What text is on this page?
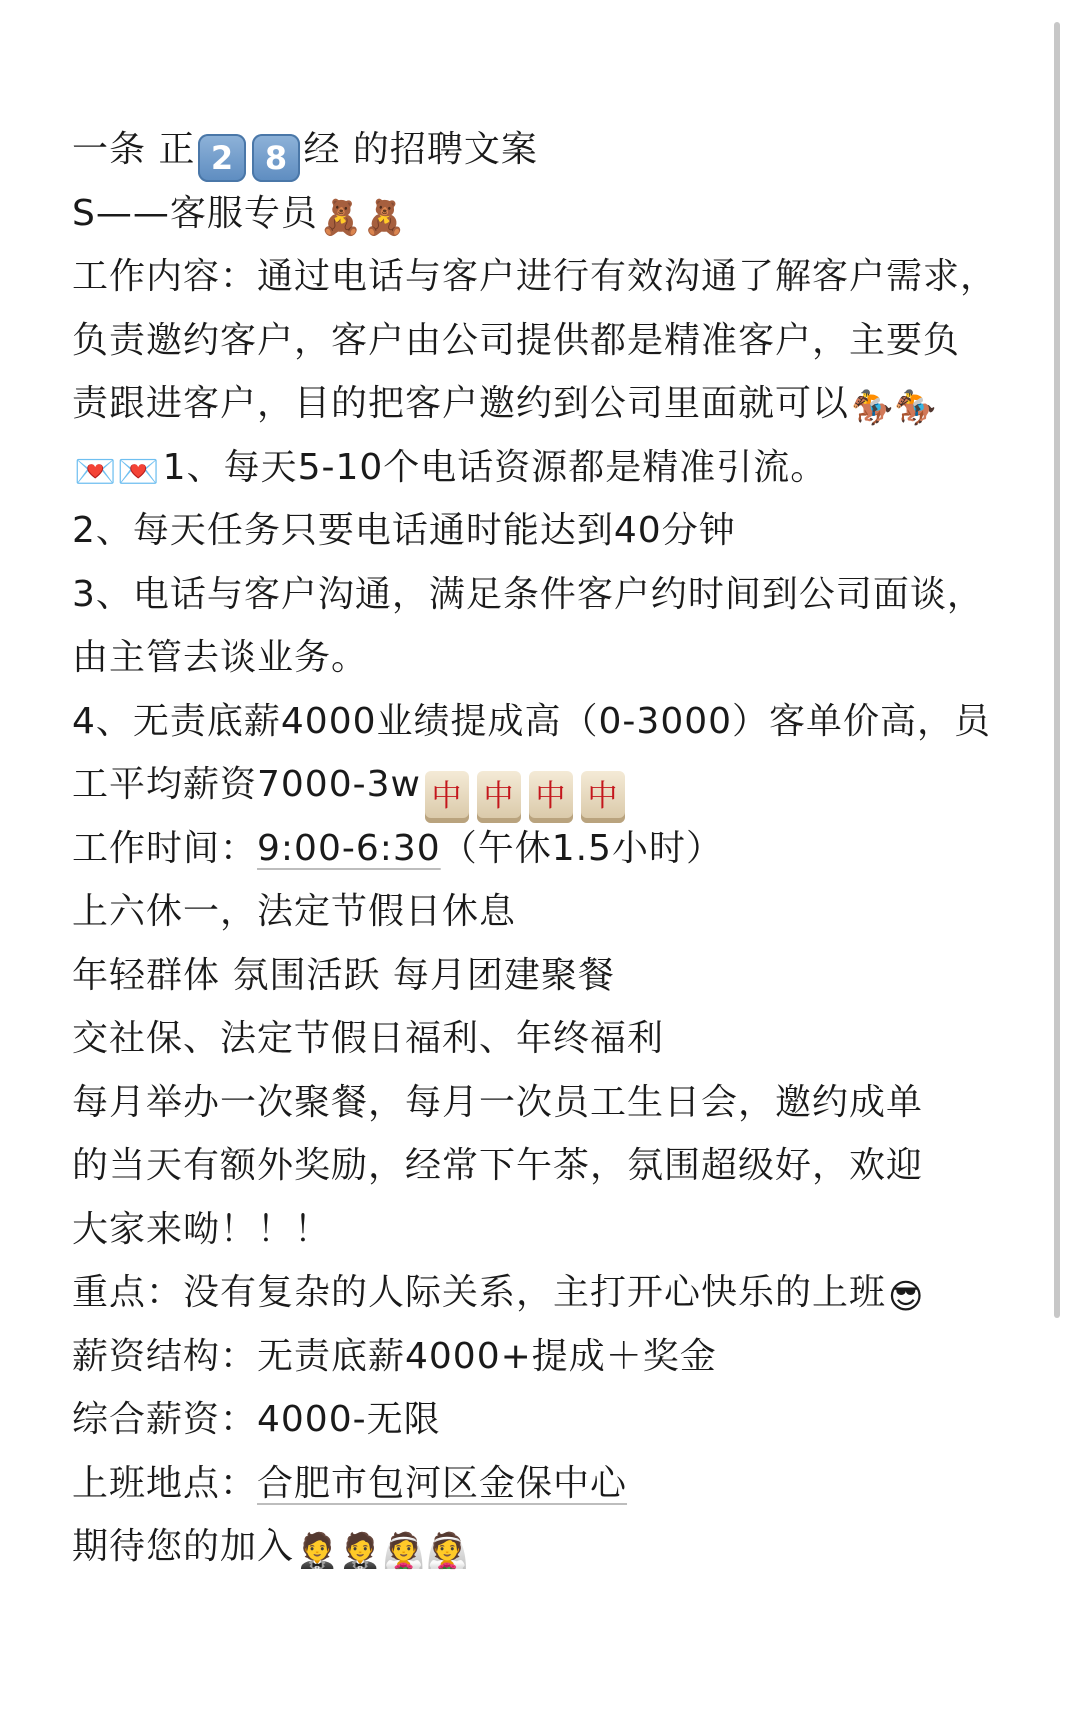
一条 正 2 8 经 的招聘文案
S——客服专员🧸🧸
工作内容：通过电话与客户进行有效沟通了解客户需求，
负责邀约客户，客户由公司提供都是精准客户，主要负
责跟进客户，目的把客户邀约到公司里面就可以🏇🏇
💌💌1、每天5-10个电话资源都是精准引流。
2、每天任务只要电话通时能达到40分钟
3、电话与客户沟通，满足条件客户约时间到公司面谈，
由主管去谈业务。
4、无责底薪4000业绩提成高（0-3000）客单价高，员
工平均薪资7000-3w 中 中 中 中
工作时间：9:00-6:30（午休1.5小时）
上六休一，法定节假日休息
年轻群体 氛围活跃 每月团建聚餐
交社保、法定节假日福利、年终福利
每月举办一次聚餐，每月一次员工生日会，邀约成单
的当天有额外奖励，经常下午茶，氛围超级好，欢迎
大家来呦！！！
重点：没有复杂的人际关系，主打开心快乐的上班😎
薪资结构：无责底薪4000+提成＋奖金
综合薪资：4000-无限
上班地点：合肥市包河区金保中心
期待您的加入🤵🤵👰👰
